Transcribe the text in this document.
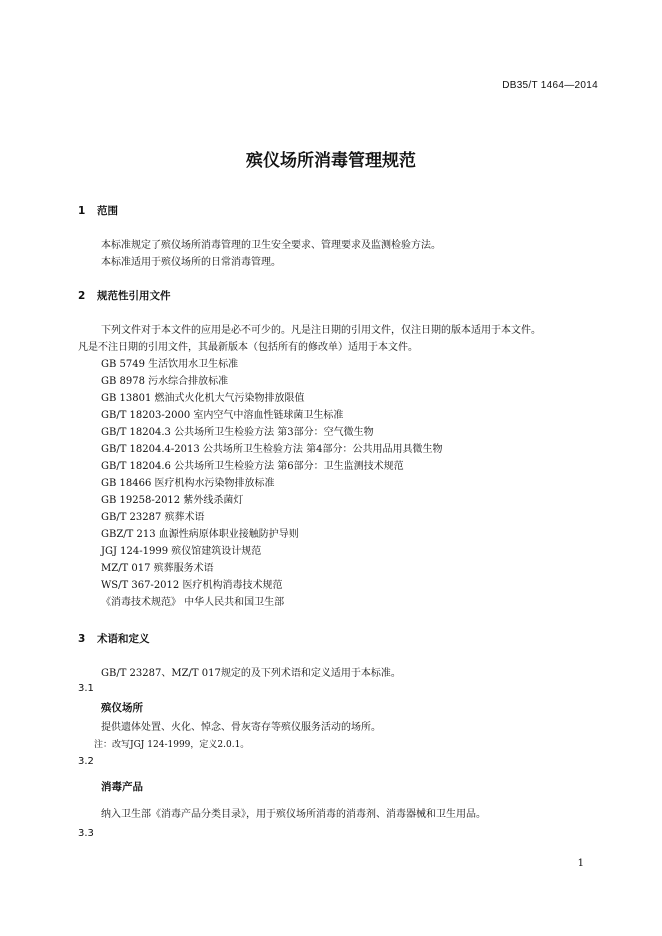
DB35/T 1464—2014
殡仪场所消毒管理规范
1 范围
本标准规定了殡仪场所消毒管理的卫生安全要求、管理要求及监测检验方法。
本标准适用于殡仪场所的日常消毒管理。
2 规范性引用文件
下列文件对于本文件的应用是必不可少的。凡是注日期的引用文件，仅注日期的版本适用于本文件。
凡是不注日期的引用文件，其最新版本（包括所有的修改单）适用于本文件。
GB 5749 生活饮用水卫生标准
GB 8978 污水综合排放标准
GB 13801 燃油式火化机大气污染物排放限值
GB/T 18203-2000 室内空气中溶血性链球菌卫生标准
GB/T 18204.3 公共场所卫生检验方法 第3部分：空气微生物
GB/T 18204.4-2013 公共场所卫生检验方法 第4部分：公共用品用具微生物
GB/T 18204.6 公共场所卫生检验方法 第6部分：卫生监测技术规范
GB 18466 医疗机构水污染物排放标准
GB 19258-2012 紫外线杀菌灯
GB/T 23287 殡葬术语
GBZ/T 213 血源性病原体职业接触防护导则
JGJ 124-1999 殡仪馆建筑设计规范
MZ/T 017 殡葬服务术语
WS/T 367-2012 医疗机构消毒技术规范
《消毒技术规范》 中华人民共和国卫生部
3 术语和定义
GB/T 23287、MZ/T 017规定的及下列术语和定义适用于本标准。
3.1
殡仪场所
提供遗体处置、火化、悼念、骨灰寄存等殡仪服务活动的场所。
注：改写JGJ 124-1999，定义2.0.1。
3.2
消毒产品
纳入卫生部《消毒产品分类目录》，用于殡仪场所消毒的消毒剂、消毒器械和卫生用品。
3.3
1
